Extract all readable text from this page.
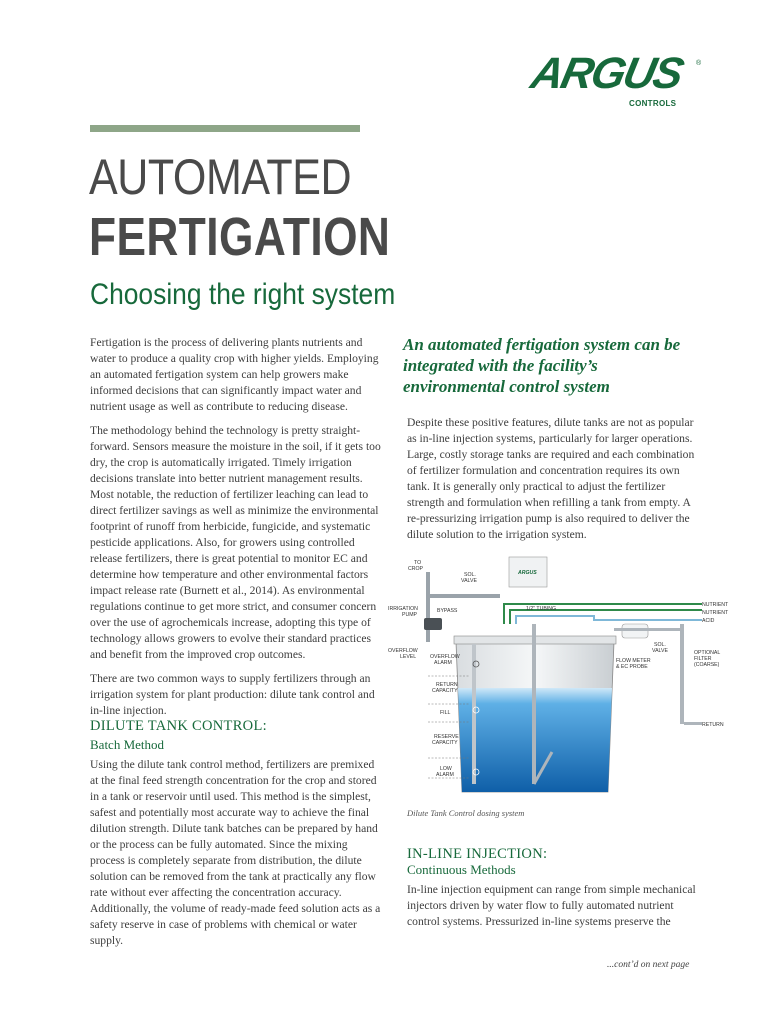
ARGUS ®
CONTROLS
AUTOMATED
FERTIGATION
Choosing the right system

Fertigation is the process of delivering plants nutrients and water to produce a quality crop with higher yields. Employing an automated fertigation system can help growers make informed decisions that can significantly impact water and nutrient usage as well as contribute to reducing disease.

The methodology behind the technology is pretty straight-forward. Sensors measure the moisture in the soil, if it gets too dry, the crop is automatically irrigated. Timely irrigation decisions translate into better nutrient management results. Most notable, the reduction of fertilizer leaching can lead to direct fertilizer savings as well as minimize the environmental footprint of runoff from herbicide, fungicide, and systematic pesticide applications. Also, for growers using controlled release fertilizers, there is great potential to monitor EC and determine how temperature and other environmental factors impact release rate (Burnett et al., 2014). As environmental regulations continue to get more strict, and consumer concern over the use of agrochemicals increase, adopting this type of technology allows growers to evolve their standard practices and benefit from the improved crop outcomes.

There are two common ways to supply fertilizers through an irrigation system for plant production: dilute tank control and in-line injection.

DILUTE TANK CONTROL:
Batch Method

Using the dilute tank control method, fertilizers are premixed at the final feed strength concentration for the crop and stored in a tank or reservoir until used. This method is the simplest, safest and potentially most accurate way to achieve the final dilution strength. Dilute tank batches can be prepared by hand or the process can be fully automated. Since the mixing process is completely separate from distribution, the dilute solution can be removed from the tank at practically any flow rate without ever affecting the concentration accuracy. Additionally, the volume of ready-made feed solution acts as a safety reserve in case of problems with chemical or water supply.

An automated fertigation system can be integrated with the facility’s environmental control system

Despite these positive features, dilute tanks are not as popular as in-line injection systems, particularly for larger operations. Large, costly storage tanks are required and each combination of fertilizer formulation and concentration requires its own tank. It is generally only practical to adjust the fertilizer strength and formulation when refilling a tank from empty. A re-pressurizing irrigation pump is also required to deliver the dilute solution to the irrigation system.

ARGUS
TO
CROP
SOL.
VALVE
IRRIGATION
PUMP
BYPASS	1/2" TUBING
NUTRIENT
NUTRIENT
ACID
OVERFLOW
LEVEL	OVERFLOW
ALARM
RETURN
CAPACITY
FILL
RESERVE
CAPACITY
LOW
ALARM
SOL.
VALVE
FLOW METER
& EC PROBE
OPTIONAL
FILTER
(COARSE)
RETURN
Dilute Tank Control dosing system
IN-LINE INJECTION:
Continuous Methods

In-line injection equipment can range from simple mechanical injectors driven by water flow to fully automated nutrient control systems. Pressurized in-line systems preserve the

...cont’d on next page
